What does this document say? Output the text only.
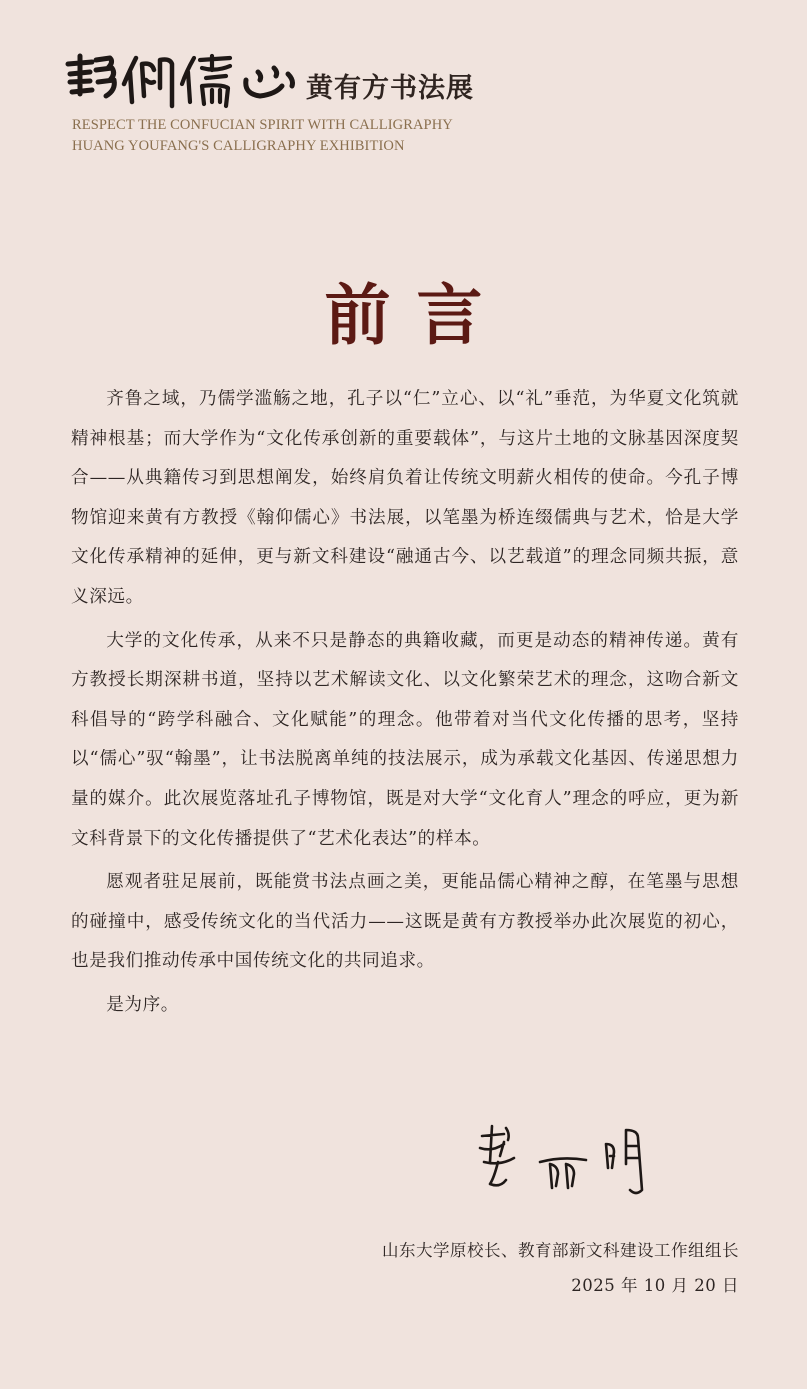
黄有方书法展
RESPECT THE CONFUCIAN SPIRIT WITH CALLIGRAPHY
HUANG YOUFANG'S CALLIGRAPHY EXHIBITION
前言

齐鲁之域，乃儒学滥觞之地，孔子以“仁”立心、以“礼”垂范，为华夏文化筑就精神根基；而大学作为“文化传承创新的重要载体”，与这片土地的文脉基因深度契合——从典籍传习到思想阐发，始终肩负着让传统文明薪火相传的使命。今孔子博物馆迎来黄有方教授《翰仰儒心》书法展，以笔墨为桥连缀儒典与艺术，恰是大学文化传承精神的延伸，更与新文科建设“融通古今、以艺载道”的理念同频共振，意义深远。

大学的文化传承，从来不只是静态的典籍收藏，而更是动态的精神传递。黄有方教授长期深耕书道，坚持以艺术解读文化、以文化繁荣艺术的理念，这吻合新文科倡导的“跨学科融合、文化赋能”的理念。他带着对当代文化传播的思考，坚持以“儒心”驭“翰墨”，让书法脱离单纯的技法展示，成为承载文化基因、传递思想力量的媒介。此次展览落址孔子博物馆，既是对大学“文化育人”理念的呼应，更为新文科背景下的文化传播提供了“艺术化表达”的样本。

愿观者驻足展前，既能赏书法点画之美，更能品儒心精神之醇，在笔墨与思想的碰撞中，感受传统文化的当代活力——这既是黄有方教授举办此次展览的初心，也是我们推动传承中国传统文化的共同追求。

是为序。

山东大学原校长、教育部新文科建设工作组组长
2025 年 10 月 20 日
